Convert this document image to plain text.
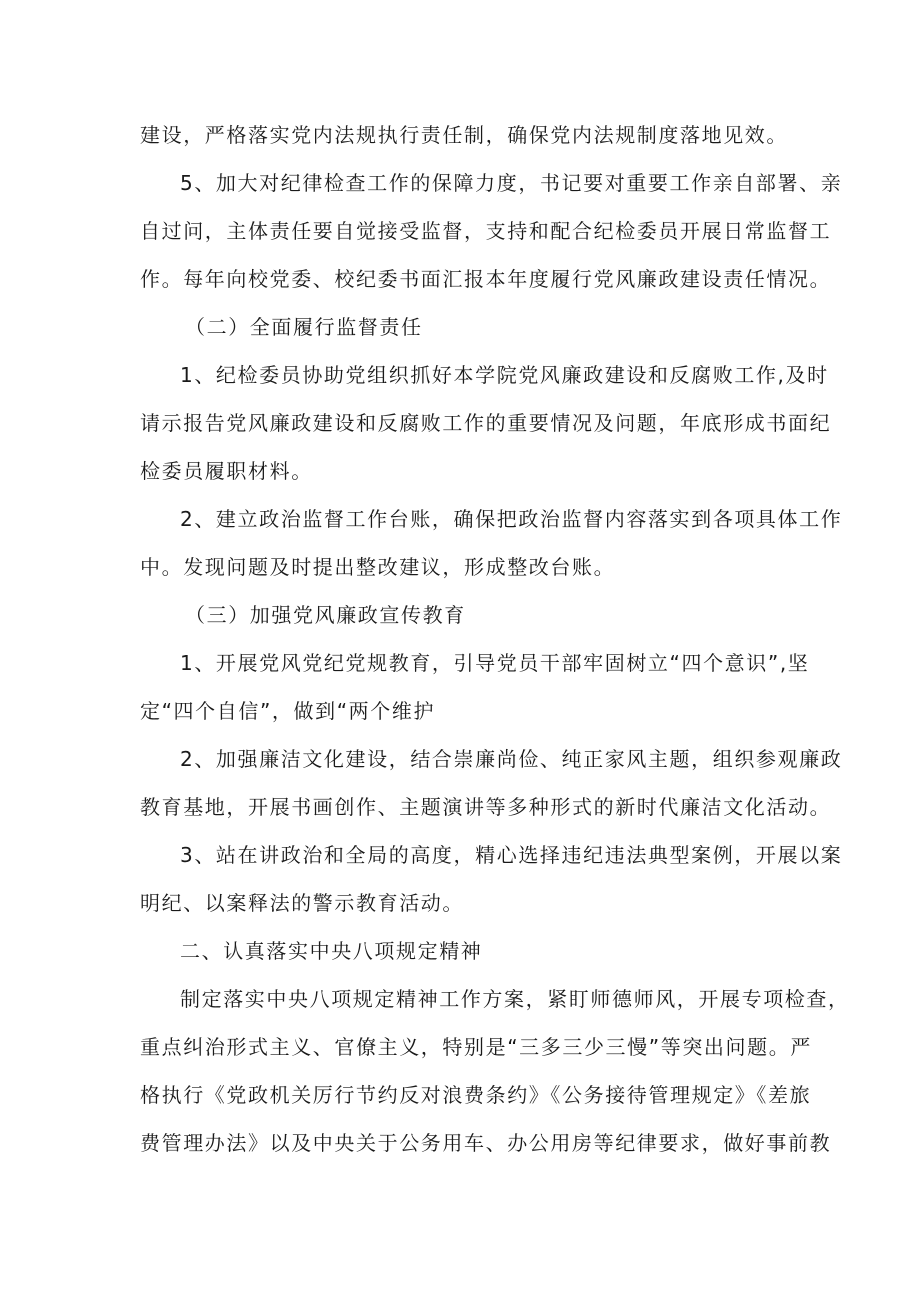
建设，严格落实党内法规执行责任制，确保党内法规制度落地见效。
5、加大对纪律检查工作的保障力度，书记要对重要工作亲自部署、亲
自过问，主体责任要自觉接受监督，支持和配合纪检委员开展日常监督工
作。每年向校党委、校纪委书面汇报本年度履行党风廉政建设责任情况。
（二）全面履行监督责任
1、纪检委员协助党组织抓好本学院党风廉政建设和反腐败工作,及时
请示报告党风廉政建设和反腐败工作的重要情况及问题，年底形成书面纪
检委员履职材料。
2、建立政治监督工作台账，确保把政治监督内容落实到各项具体工作
中。发现问题及时提出整改建议，形成整改台账。
（三）加强党风廉政宣传教育
1、开展党风党纪党规教育，引导党员干部牢固树立“四个意识”,坚
定“四个自信”，做到“两个维护
2、加强廉洁文化建设，结合崇廉尚俭、纯正家风主题，组织参观廉政
教育基地，开展书画创作、主题演讲等多种形式的新时代廉洁文化活动。
3、站在讲政治和全局的高度，精心选择违纪违法典型案例，开展以案
明纪、以案释法的警示教育活动。
二、认真落实中央八项规定精神
制定落实中央八项规定精神工作方案，紧盯师德师风，开展专项检查，
重点纠治形式主义、官僚主义，特别是“三多三少三慢”等突出问题。严
格执行《党政机关厉行节约反对浪费条约》《公务接待管理规定》《差旅
费管理办法》以及中央关于公务用车、办公用房等纪律要求，做好事前教
